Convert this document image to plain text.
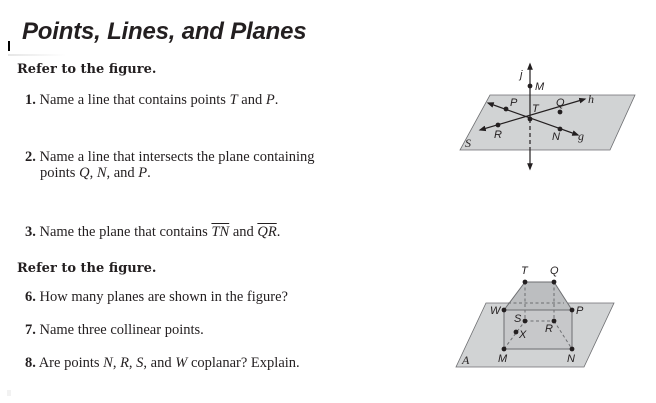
Points, Lines, and Planes
Refer to the figure.
1. Name a line that contains points T and P.
2. Name a line that intersects the plane containing
points Q, N, and P.
3. Name the plane that contains $\overline{TN}$ and $\overline{QR}$.
j
M
P T Q h
R	N g
S
Refer to the figure.
6. How many planes are shown in the figure?
7. Name three collinear points.
8. Are points N, R, S, and W coplanar? Explain.
T Q
W	P
S
R
X
M	N
A
